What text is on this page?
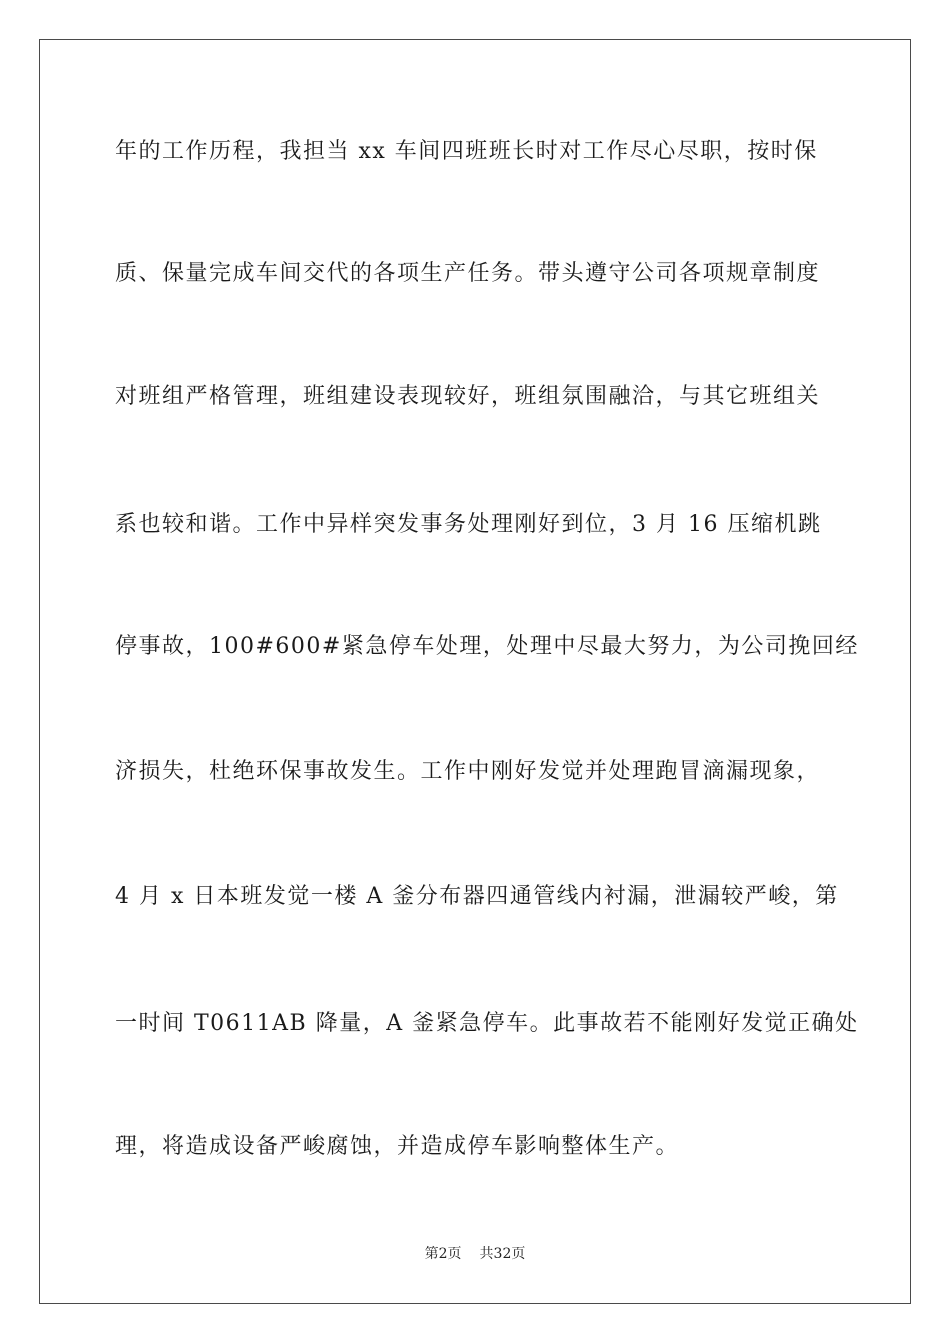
年的工作历程，我担当 xx 车间四班班长时对工作尽心尽职，按时保
质、保量完成车间交代的各项生产任务。带头遵守公司各项规章制度
对班组严格管理，班组建设表现较好，班组氛围融洽，与其它班组关
系也较和谐。工作中异样突发事务处理刚好到位，3 月 16 压缩机跳
停事故，100#600#紧急停车处理，处理中尽最大努力，为公司挽回经
济损失，杜绝环保事故发生。工作中刚好发觉并处理跑冒滴漏现象，
4 月 x 日本班发觉一楼 A 釜分布器四通管线内衬漏，泄漏较严峻，第
一时间 T0611AB 降量，A 釜紧急停车。此事故若不能刚好发觉正确处
理，将造成设备严峻腐蚀，并造成停车影响整体生产。
第2页 共32页
